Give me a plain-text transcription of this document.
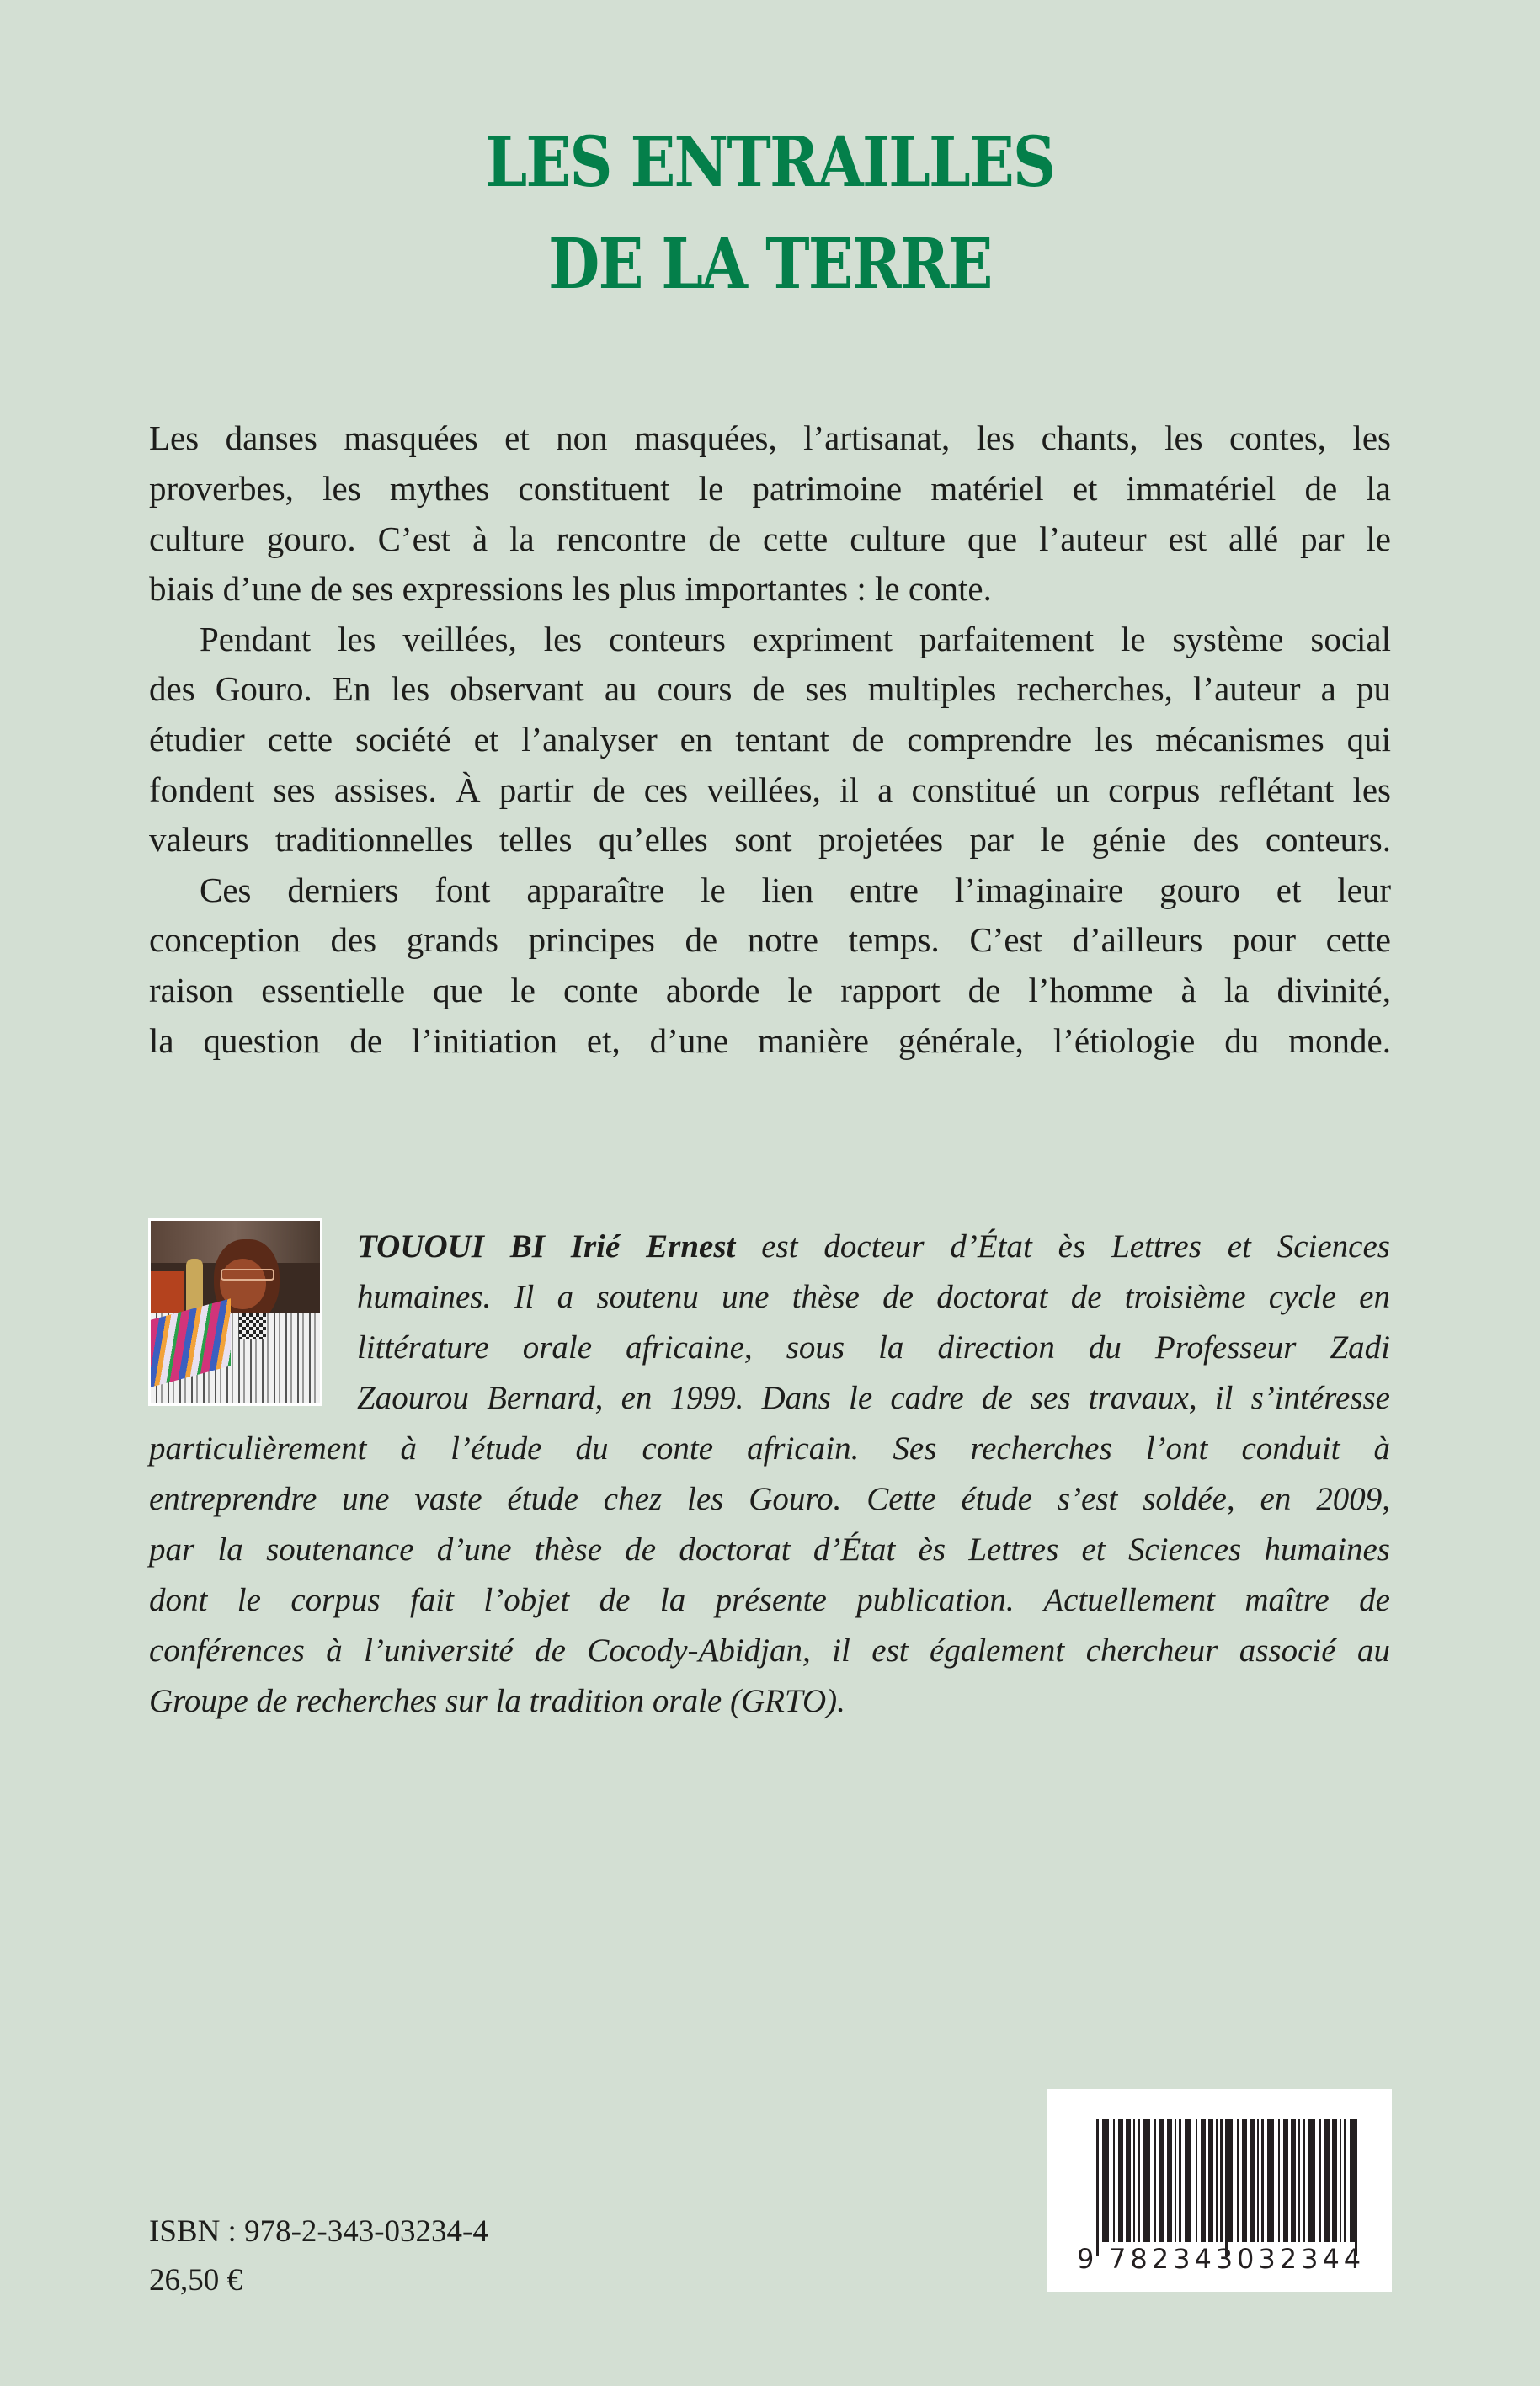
LES ENTRAILLES
DE LA TERRE
Les danses masquées et non masquées, l’artisanat, les chants, les contes, les
proverbes, les mythes constituent le patrimoine matériel et immatériel de la
culture gouro. C’est à la rencontre de cette culture que l’auteur est allé par le
biais d’une de ses expressions les plus importantes : le conte.
Pendant les veillées, les conteurs expriment parfaitement le système social
des Gouro. En les observant au cours de ses multiples recherches, l’auteur a pu
étudier cette société et l’analyser en tentant de comprendre les mécanismes qui
fondent ses assises. À partir de ces veillées, il a constitué un corpus reflétant les
valeurs traditionnelles telles qu’elles sont projetées par le génie des conteurs.
Ces derniers font apparaître le lien entre l’imaginaire gouro et leur
conception des grands principes de notre temps. C’est d’ailleurs pour cette
raison essentielle que le conte aborde le rapport de l’homme à la divinité,
la question de l’initiation et, d’une manière générale, l’étiologie du monde.
TOUOUI BI Irié Ernest est docteur d’État ès Lettres et Sciences
humaines. Il a soutenu une thèse de doctorat de troisième cycle en
littérature orale africaine, sous la direction du Professeur Zadi
Zaourou Bernard, en 1999. Dans le cadre de ses travaux, il s’intéresse
particulièrement à l’étude du conte africain. Ses recherches l’ont conduit à
entreprendre une vaste étude chez les Gouro. Cette étude s’est soldée, en 2009,
par la soutenance d’une thèse de doctorat d’État ès Lettres et Sciences humaines
dont le corpus fait l’objet de la présente publication. Actuellement maître de
conférences à l’université de Cocody-Abidjan, il est également chercheur associé au
Groupe de recherches sur la tradition orale (GRTO).
ISBN : 978-2-343-03234-4
26,50 €
9 782343 032344
